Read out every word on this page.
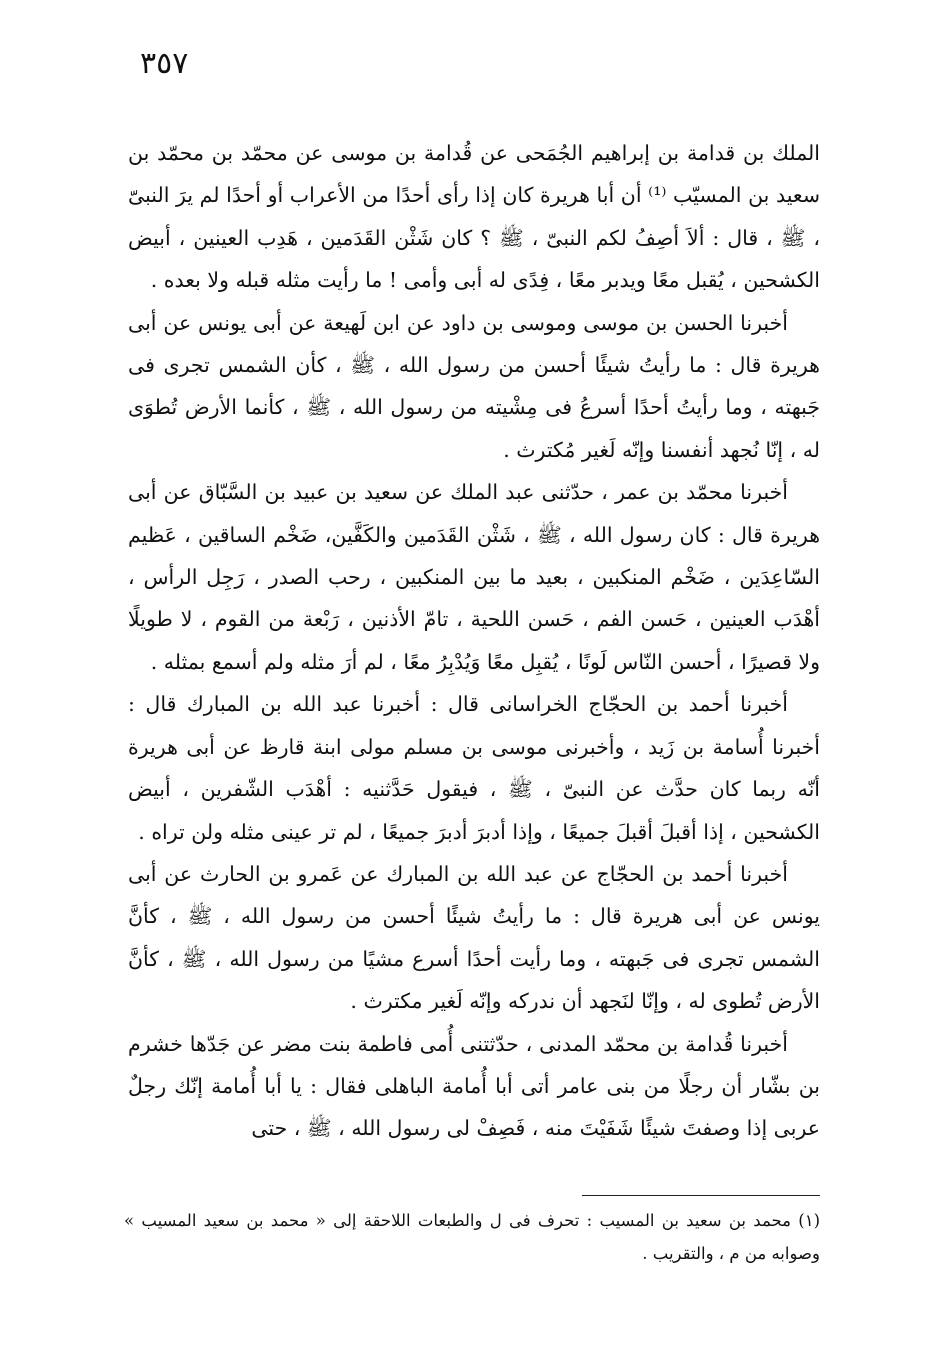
٣٥٧

الملك بن قدامة بن إبراهيم الجُمَحى عن قُدامة بن موسى عن محمّد بن محمّد بن سعيد بن المسيّب ⁽¹⁾ أن أبا هريرة كان إذا رأى أحدًا من الأعراب أو أحدًا لم يرَ النبىّ ، ﷺ ، قال : ألاَ أصِفُ لكم النبىّ ، ﷺ ؟ كان شَثْن القَدَمين ، هَدِب العينين ، أبيض الكشحين ، يُقبل معًا ويدبر معًا ، فِدًى له أبى وأمى ! ما رأيت مثله قبله ولا بعده .

أخبرنا الحسن بن موسى وموسى بن داود عن ابن لَهيعة عن أبى يونس عن أبى هريرة قال : ما رأيتُ شيئًا أحسن من رسول الله ، ﷺ ، كأن الشمس تجرى فى جَبهته ، وما رأيتُ أحدًا أسرعُ فى مِشْيته من رسول الله ، ﷺ ، كأنما الأرض تُطوَى له ، إنّا نُجهد أنفسنا وإنّه لَغير مُكترث .

أخبرنا محمّد بن عمر ، حدّثنى عبد الملك عن سعيد بن عبيد بن السَّبّاق عن أبى هريرة قال : كان رسول الله ، ﷺ ، شَثْن القَدَمين والكَفَّين، ضَخْم الساقين ، عَظيم السّاعِدَين ، ضَخْم المنكبين ، بعيد ما بين المنكبين ، رحب الصدر ، رَجِل الرأس ، أهْدَب العينين ، حَسن الفم ، حَسن اللحية ، تامّ الأذنين ، رَبْعة من القوم ، لا طويلًا ولا قصيرًا ، أحسن النّاس لَونًا ، يُقبِل معًا وَيُدْبِرُ معًا ، لم أرَ مثله ولم أسمع بمثله .

أخبرنا أحمد بن الحجّاج الخراسانى قال : أخبرنا عبد الله بن المبارك قال : أخبرنا أُسامة بن زَيد ، وأخبرنى موسى بن مسلم مولى ابنة قارظ عن أبى هريرة أنّه ربما كان حدَّث عن النبىّ ، ﷺ ، فيقول حَدَّثنيه : أهْدَب الشّفرين ، أبيض الكشحين ، إذا أقبلَ أقبلَ جميعًا ، وإذا أدبرَ أدبرَ جميعًا ، لم تر عينى مثله ولن تراه .

أخبرنا أحمد بن الحجّاج عن عبد الله بن المبارك عن عَمرو بن الحارث عن أبى يونس عن أبى هريرة قال : ما رأيتُ شيئًا أحسن من رسول الله ، ﷺ ، كأنَّ الشمس تجرى فى جَبهته ، وما رأيت أحدًا أسرع مشيًا من رسول الله ، ﷺ ، كأنَّ الأرض تُطوى له ، وإنّا لنَجهد أن ندركه وإنّه لَغير مكترث .

أخبرنا قُدامة بن محمّد المدنى ، حدّثتنى أُمى فاطمة بنت مضر عن جَدّها خشرم بن بشّار أن رجلًا من بنى عامر أتى أبا أُمامة الباهلى فقال : يا أبا أُمامة إنّك رجلٌ عربى إذا وصفتَ شيئًا شَفَيْتَ منه ، فَصِفْ لى رسول الله ، ﷺ ، حتى

(١) محمد بن سعيد بن المسيب : تحرف فى ل والطبعات اللاحقة إلى « محمد بن سعيد المسيب » وصوابه من م ، والتقريب .
